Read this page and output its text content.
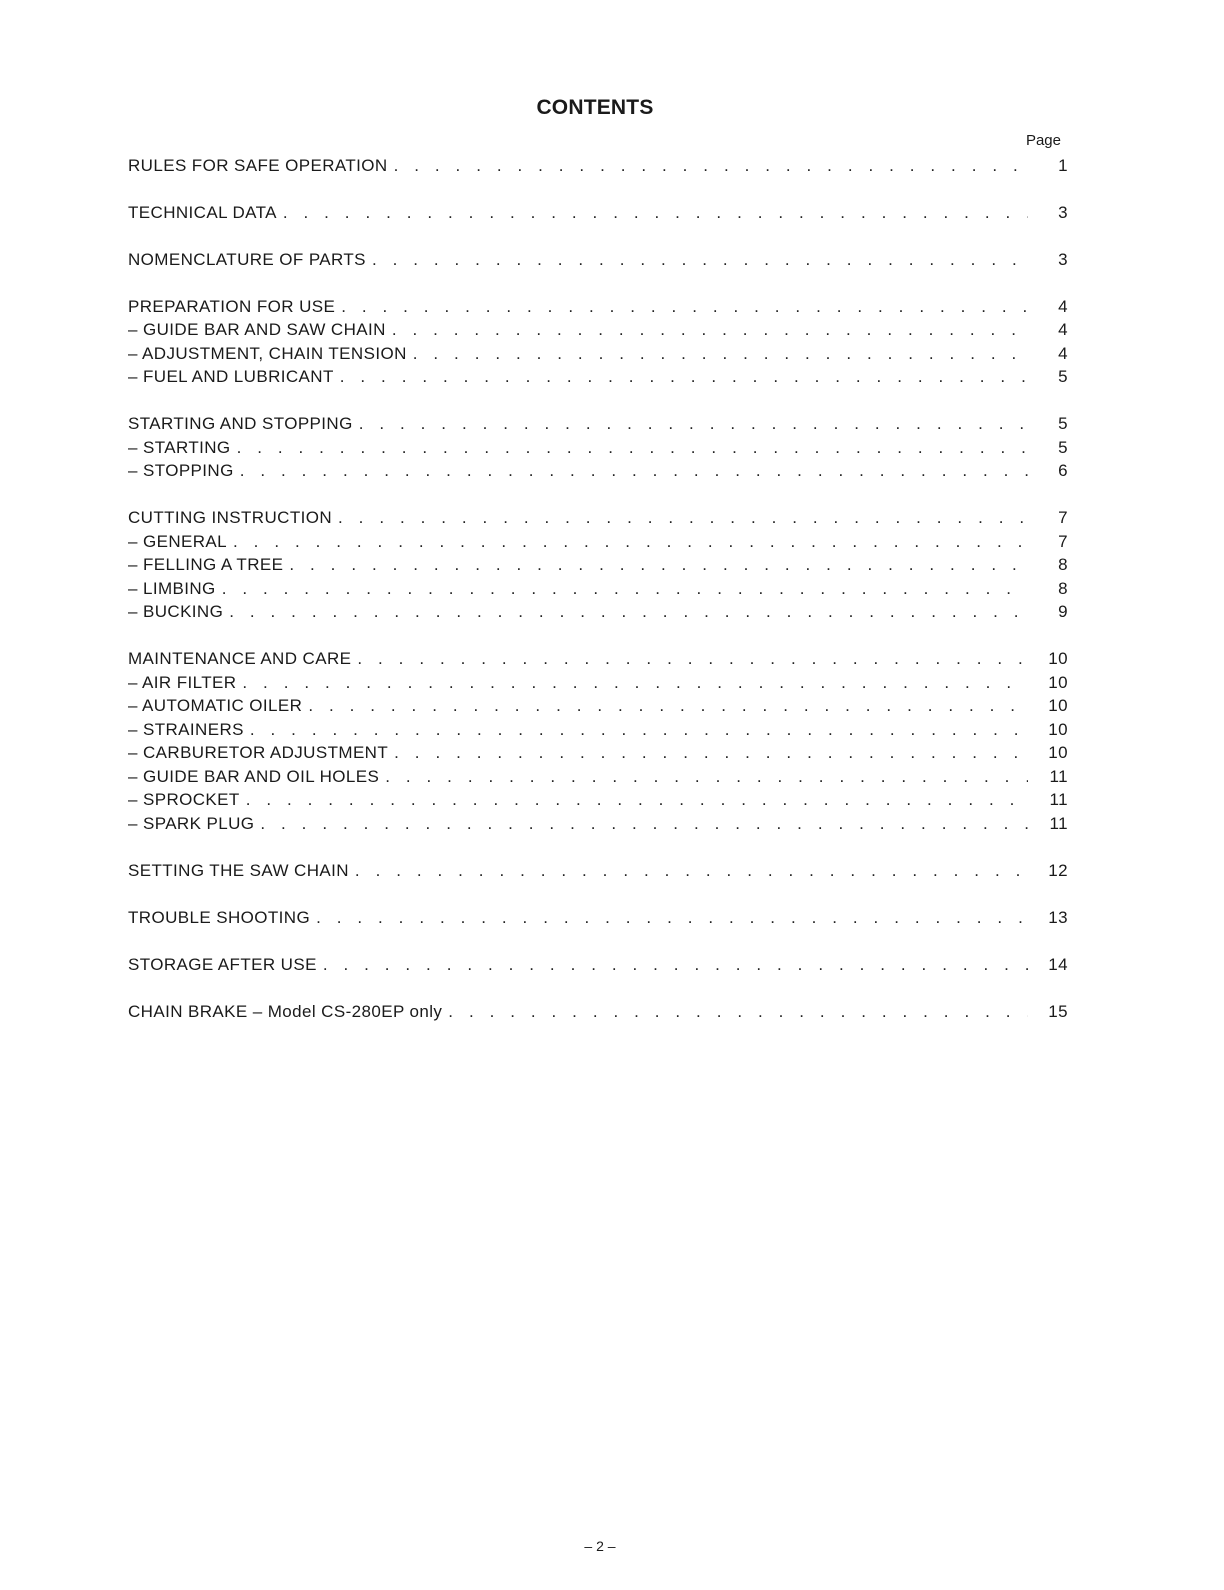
CONTENTS
Page
RULES FOR SAFE OPERATION . . .	1
TECHNICAL DATA . . .	3
NOMENCLATURE OF PARTS . . .	3
PREPARATION FOR USE . . .	4
– GUIDE BAR AND SAW CHAIN . . .	4
– ADJUSTMENT, CHAIN TENSION . . .	4
– FUEL AND LUBRICANT . . .	5
STARTING AND STOPPING . . .	5
– STARTING . . .	5
– STOPPING . . .	6
CUTTING INSTRUCTION . . .	7
– GENERAL . . .	7
– FELLING A TREE . . .	8
– LIMBING . . .	8
– BUCKING . . .	9
MAINTENANCE AND CARE . . .	10
– AIR FILTER . . .	10
– AUTOMATIC OILER . . .	10
– STRAINERS . . .	10
– CARBURETOR ADJUSTMENT . . .	10
– GUIDE BAR AND OIL HOLES . . .	11
– SPROCKET . . .	11
– SPARK PLUG . . .	11
SETTING THE SAW CHAIN . . .	12
TROUBLE SHOOTING . . .	13
STORAGE AFTER USE . . .	14
CHAIN BRAKE – Model CS-280EP only . . .	15
– 2 –
